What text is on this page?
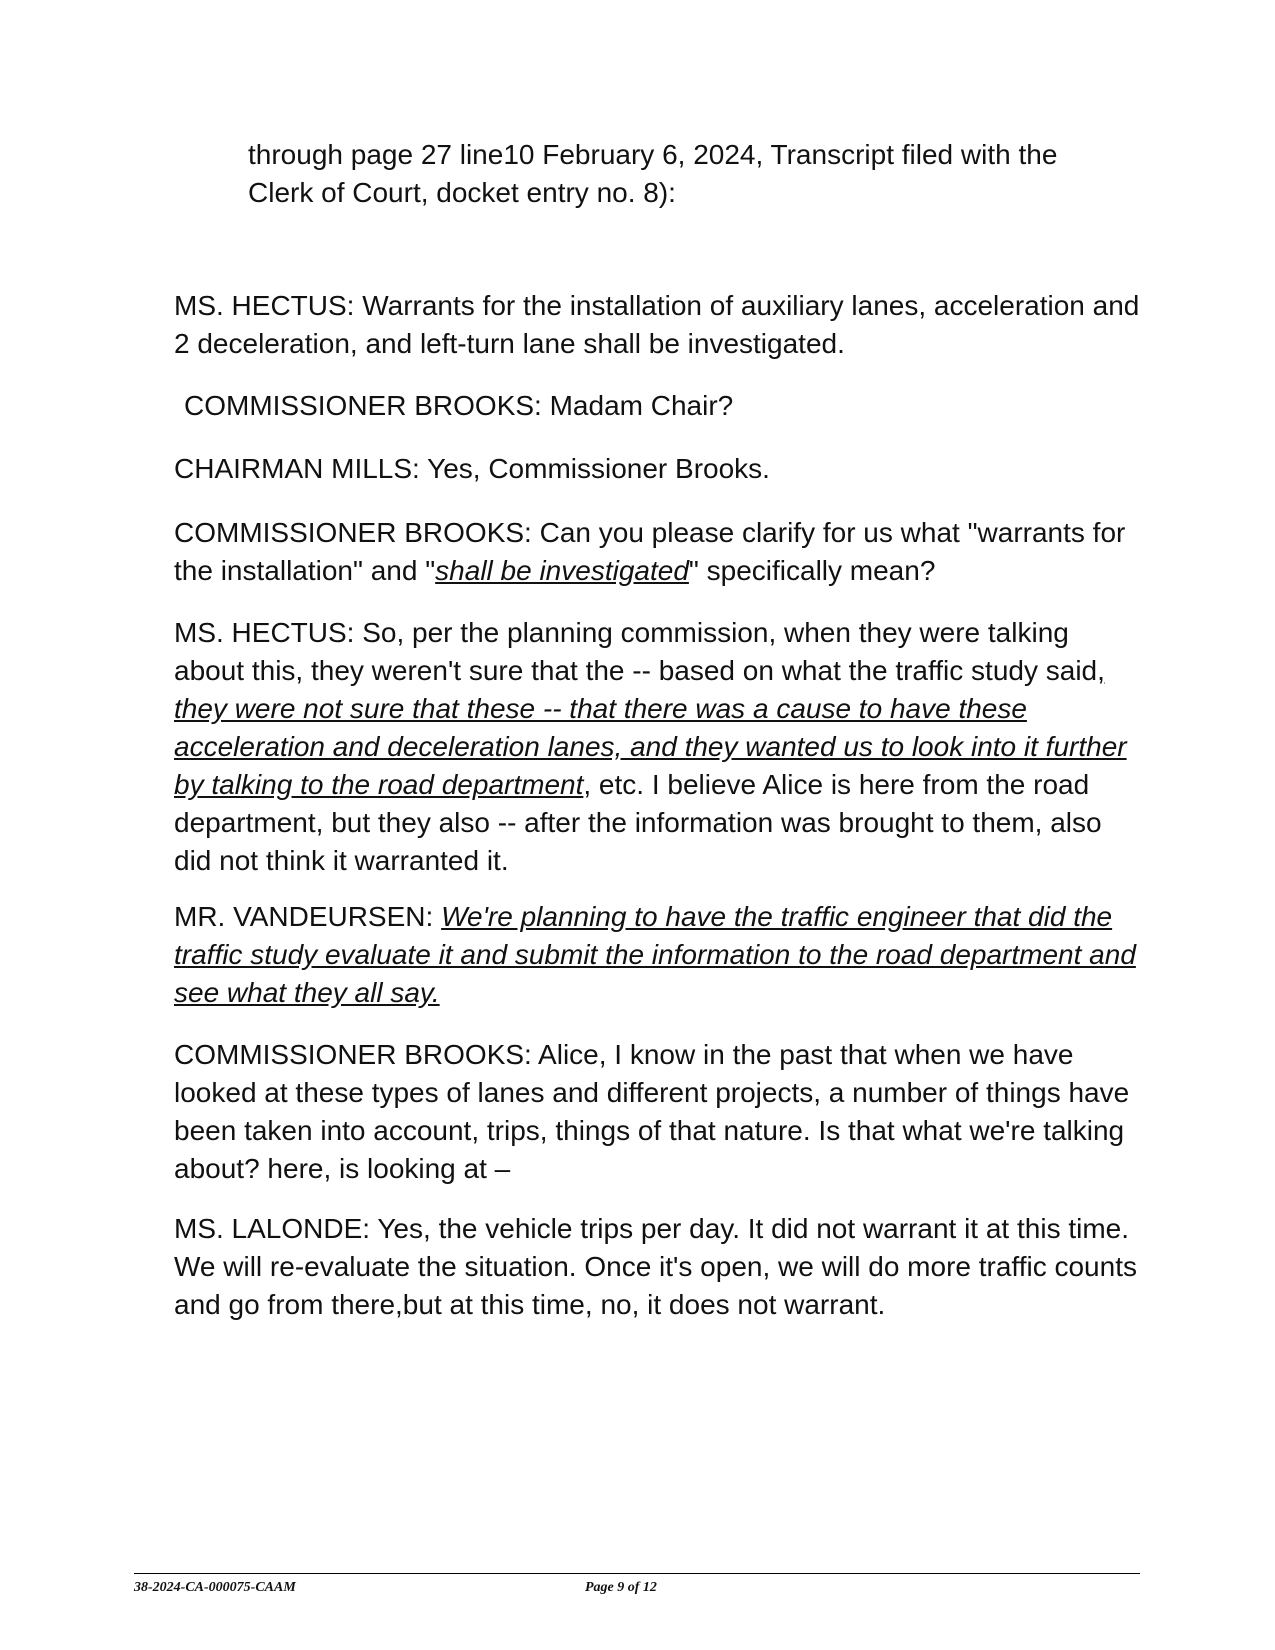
through page 27 line10 February 6, 2024, Transcript filed with the
Clerk of Court, docket entry no. 8):

MS. HECTUS: Warrants for the installation of auxiliary lanes, acceleration and 2 deceleration, and left-turn lane shall be investigated.

COMMISSIONER BROOKS: Madam Chair?

CHAIRMAN MILLS: Yes, Commissioner Brooks.

COMMISSIONER BROOKS: Can you please clarify for us what "warrants for the installation" and "shall be investigated" specifically mean?

MS. HECTUS: So, per the planning commission, when they were talking about this, they weren't sure that the -- based on what the traffic study said, they were not sure that these -- that there was a cause to have these acceleration and deceleration lanes, and they wanted us to look into it further by talking to the road department, etc. I believe Alice is here from the road department, but they also -- after the information was brought to them, also did not think it warranted it.

MR. VANDEURSEN: We're planning to have the traffic engineer that did the traffic study evaluate it and submit the information to the road department and see what they all say.

COMMISSIONER BROOKS: Alice, I know in the past that when we have looked at these types of lanes and different projects, a number of things have been taken into account, trips, things of that nature. Is that what we're talking about? here, is looking at –

MS. LALONDE: Yes, the vehicle trips per day. It did not warrant it at this time. We will re-evaluate the situation. Once it's open, we will do more traffic counts and go from there,but at this time, no, it does not warrant.

38-2024-CA-000075-CAAM	Page 9 of 12
